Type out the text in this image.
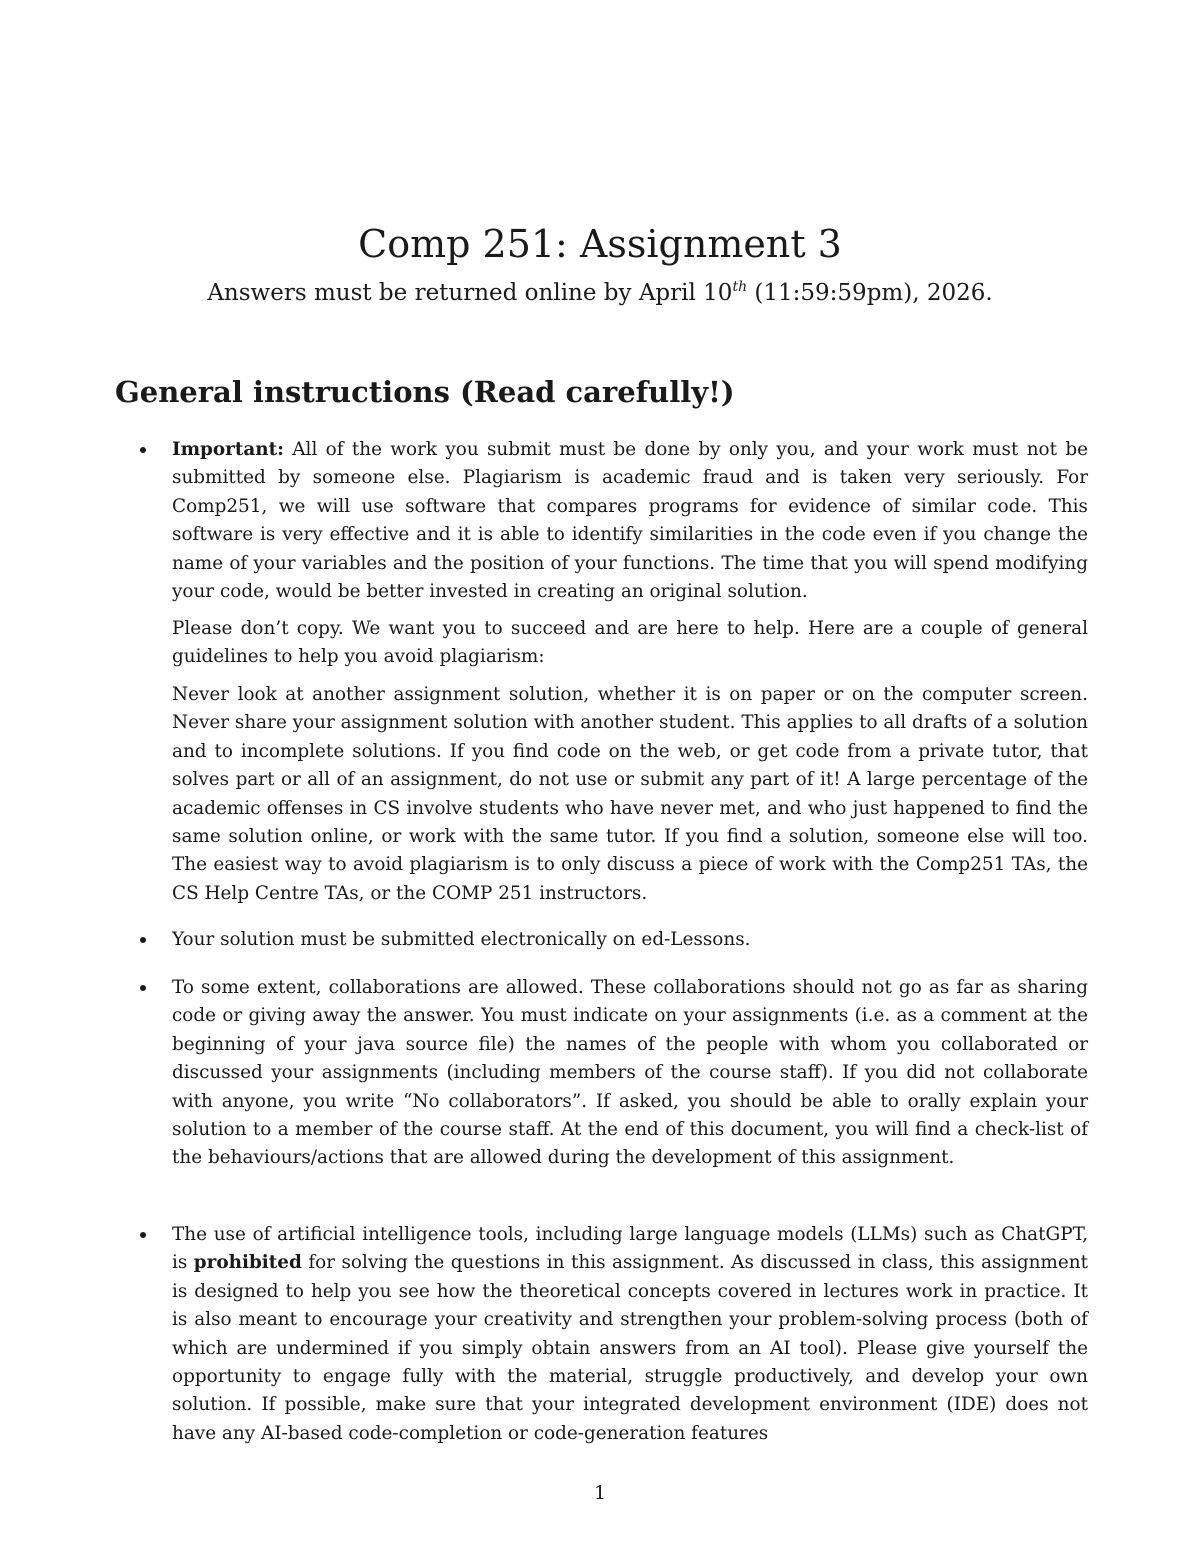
Comp 251: Assignment 3
Answers must be returned online by April 10th (11:59:59pm), 2026.
General instructions (Read carefully!)

Important: All of the work you submit must be done by only you, and your work must not be submitted by someone else. Plagiarism is academic fraud and is taken very seriously. For Comp251, we will use software that compares programs for evidence of similar code. This software is very effective and it is able to identify similarities in the code even if you change the name of your variables and the position of your functions. The time that you will spend modifying your code, would be better invested in creating an original solution.

Please don’t copy. We want you to succeed and are here to help. Here are a couple of general guidelines to help you avoid plagiarism:

Never look at another assignment solution, whether it is on paper or on the computer screen. Never share your assignment solution with another student. This applies to all drafts of a solution and to incomplete solutions. If you find code on the web, or get code from a private tutor, that solves part or all of an assignment, do not use or submit any part of it! A large percentage of the academic offenses in CS involve students who have never met, and who just happened to find the same solution online, or work with the same tutor. If you find a solution, someone else will too. The easiest way to avoid plagiarism is to only discuss a piece of work with the Comp251 TAs, the CS Help Centre TAs, or the COMP 251 instructors.

Your solution must be submitted electronically on ed-Lessons.

To some extent, collaborations are allowed. These collaborations should not go as far as sharing code or giving away the answer. You must indicate on your assignments (i.e. as a comment at the beginning of your java source file) the names of the people with whom you collaborated or discussed your assignments (including members of the course staff). If you did not collaborate with anyone, you write “No collaborators”. If asked, you should be able to orally explain your solution to a member of the course staff. At the end of this document, you will find a check-list of the behaviours/actions that are allowed during the development of this assignment.

The use of artificial intelligence tools, including large language models (LLMs) such as ChatGPT, is prohibited for solving the questions in this assignment. As discussed in class, this assignment is designed to help you see how the theoretical concepts covered in lectures work in practice. It is also meant to encourage your creativity and strengthen your problem-solving process (both of which are undermined if you simply obtain answers from an AI tool). Please give yourself the opportunity to engage fully with the material, struggle productively, and develop your own solution. If possible, make sure that your integrated development environment (IDE) does not have any AI-based code-completion or code-generation features

1
